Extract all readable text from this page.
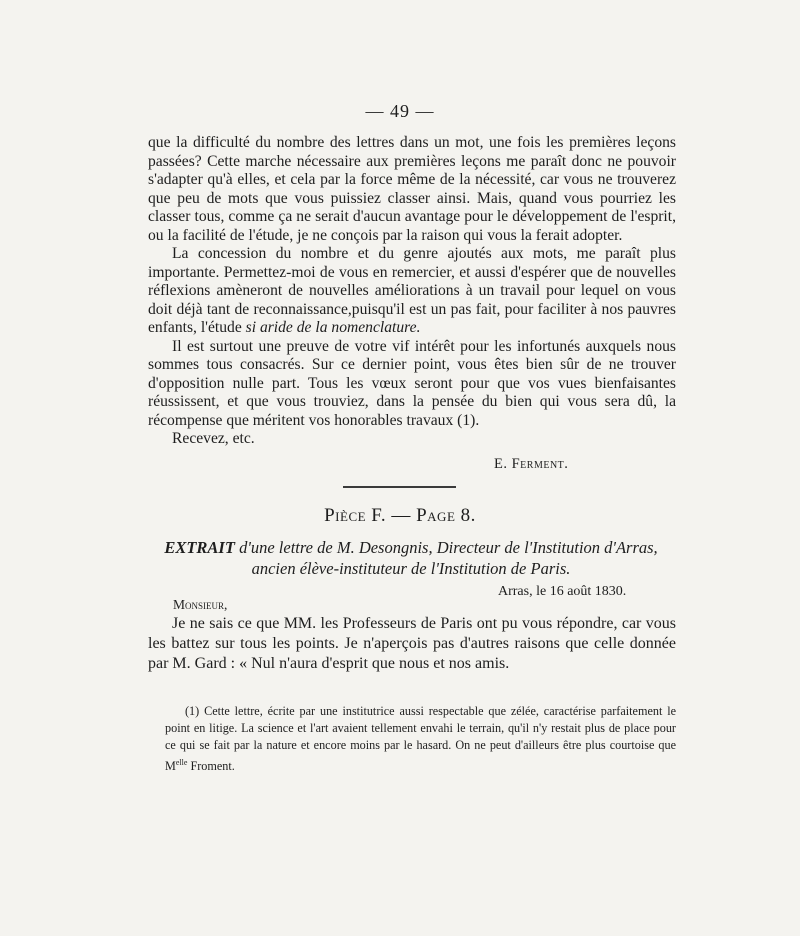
— 49 —

que la difficulté du nombre des lettres dans un mot, une fois les premières leçons passées? Cette marche nécessaire aux premières leçons me paraît donc ne pouvoir s'adapter qu'à elles, et cela par la force même de la nécessité, car vous ne trouverez que peu de mots que vous puissiez classer ainsi. Mais, quand vous pourriez les classer tous, comme ça ne serait d'aucun avantage pour le développement de l'esprit, ou la facilité de l'étude, je ne conçois par la raison qui vous la ferait adopter.

La concession du nombre et du genre ajoutés aux mots, me paraît plus importante. Permettez-moi de vous en remercier, et aussi d'espérer que de nouvelles réflexions amèneront de nouvelles améliorations à un travail pour lequel on vous doit déjà tant de reconnaissance,puisqu'il est un pas fait, pour faciliter à nos pauvres enfants, l'étude si aride de la nomenclature.

Il est surtout une preuve de votre vif intérêt pour les infortunés auxquels nous sommes tous consacrés. Sur ce dernier point, vous êtes bien sûr de ne trouver d'opposition nulle part. Tous les vœux seront pour que vos vues bienfaisantes réussissent, et que vous trouviez, dans la pensée du bien qui vous sera dû, la récompense que méritent vos honorables travaux (1).

Recevez, etc.

E. Ferment.
Pièce F. — Page 8.
EXTRAIT d'une lettre de M. Desongnis, Directeur de l'Institution d'Arras, ancien élève-instituteur de l'Institution de Paris.
Arras, le 16 août 1830.
Monsieur,

Je ne sais ce que MM. les Professeurs de Paris ont pu vous répondre, car vous les battez sur tous les points. Je n'aperçois pas d'autres raisons que celle donnée par M. Gard : « Nul n'aura d'esprit que nous et nos amis.

(1) Cette lettre, écrite par une institutrice aussi respectable que zélée, caractérise parfaitement le point en litige. La science et l'art avaient tellement envahi le terrain, qu'il n'y restait plus de place pour ce qui se fait par la nature et encore moins par le hasard. On ne peut d'ailleurs être plus courtoise que $M^{elle}$ Froment.
